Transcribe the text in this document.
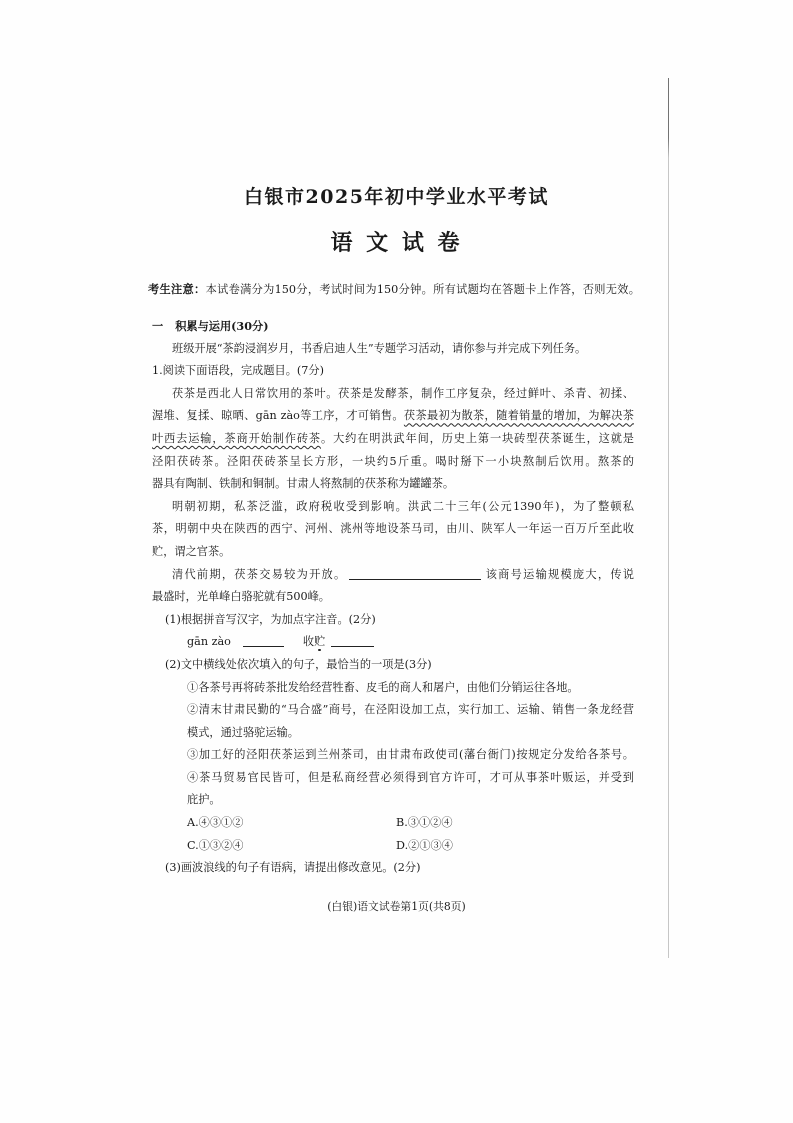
白银市2025年初中学业水平考试
语 文 试 卷
考生注意：本试卷满分为150分，考试时间为150分钟。所有试题均在答题卡上作答，否则无效。
一 积累与运用(30分)
班级开展“茶韵浸润岁月，书香启迪人生”专题学习活动，请你参与并完成下列任务。
1.阅读下面语段，完成题目。(7分)
茯茶是西北人日常饮用的茶叶。茯茶是发酵茶，制作工序复杂，经过鲜叶、杀青、初揉、
渥堆、复揉、晾晒、gān zào等工序，才可销售。茯茶最初为散茶，随着销量的增加，为解决茶
叶西去运输，茶商开始制作砖茶。大约在明洪武年间，历史上第一块砖型茯茶诞生，这就是
泾阳茯砖茶。泾阳茯砖茶呈长方形，一块约5斤重。喝时掰下一小块熬制后饮用。熬茶的
器具有陶制、铁制和铜制。甘肃人将熬制的茯茶称为罐罐茶。
明朝初期，私茶泛滥，政府税收受到影响。洪武二十三年(公元1390年)，为了整顿私
茶，明朝中央在陕西的西宁、河州、洮州等地设茶马司，由川、陕军人一年运一百万斤至此收
贮，谓之官茶。
清代前期，茯茶交易较为开放。	该商号运输规模庞大，传说
最盛时，光单峰白骆驼就有500峰。
(1)根据拼音写汉字，为加点字注音。(2分)
gān zào	收贮
(2)文中横线处依次填入的句子，最恰当的一项是(3分)
①各茶号再将砖茶批发给经营牲畜、皮毛的商人和屠户，由他们分销运往各地。
②清末甘肃民勤的“马合盛”商号，在泾阳设加工点，实行加工、运输、销售一条龙经营
模式，通过骆驼运输。
③加工好的泾阳茯茶运到兰州茶司，由甘肃布政使司(藩台衙门)按规定分发给各茶号。
④茶马贸易官民皆可，但是私商经营必须得到官方许可，才可从事茶叶贩运，并受到
庇护。
A.④③①②	B.③①②④
C.①③②④	D.②①③④
(3)画波浪线的句子有语病，请提出修改意见。(2分)
(白银)语文试卷第1页(共8页)
